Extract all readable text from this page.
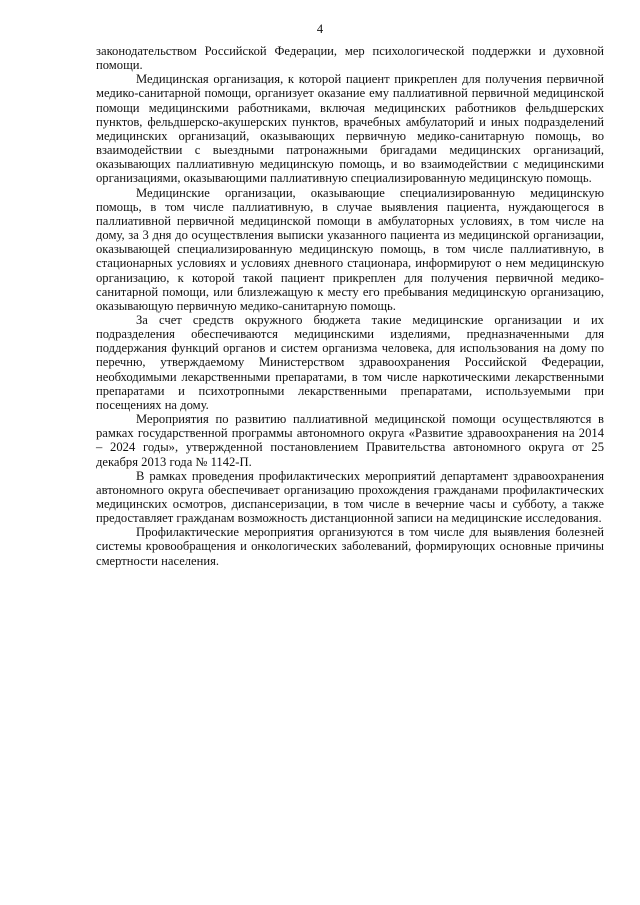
4

законодательством Российской Федерации, мер психологической поддержки и духовной помощи.

Медицинская организация, к которой пациент прикреплен для получения первичной медико-санитарной помощи, организует оказание ему паллиативной первичной медицинской помощи медицинскими работниками, включая медицинских работников фельдшерских пунктов, фельдшерско-акушерских пунктов, врачебных амбулаторий и иных подразделений медицинских организаций, оказывающих первичную медико-санитарную помощь, во взаимодействии с выездными патронажными бригадами медицинских организаций, оказывающих паллиативную медицинскую помощь, и во взаимодействии с медицинскими организациями, оказывающими паллиативную специализированную медицинскую помощь.

Медицинские организации, оказывающие специализированную медицинскую помощь, в том числе паллиативную, в случае выявления пациента, нуждающегося в паллиативной первичной медицинской помощи в амбулаторных условиях, в том числе на дому, за 3 дня до осуществления выписки указанного пациента из медицинской организации, оказывающей специализированную медицинскую помощь, в том числе паллиативную, в стационарных условиях и условиях дневного стационара, информируют о нем медицинскую организацию, к которой такой пациент прикреплен для получения первичной медико-санитарной помощи, или близлежащую к месту его пребывания медицинскую организацию, оказывающую первичную медико-санитарную помощь.

За счет средств окружного бюджета такие медицинские организации и их подразделения обеспечиваются медицинскими изделиями, предназначенными для поддержания функций органов и систем организма человека, для использования на дому по перечню, утверждаемому Министерством здравоохранения Российской Федерации, необходимыми лекарственными препаратами, в том числе наркотическими лекарственными препаратами и психотропными лекарственными препаратами, используемыми при посещениях на дому.

Мероприятия по развитию паллиативной медицинской помощи осуществляются в рамках государственной программы автономного округа «Развитие здравоохранения на 2014 – 2024 годы», утвержденной постановлением Правительства автономного округа от 25 декабря 2013 года № 1142-П.

В рамках проведения профилактических мероприятий департамент здравоохранения автономного округа обеспечивает организацию прохождения гражданами профилактических медицинских осмотров, диспансеризации, в том числе в вечерние часы и субботу, а также предоставляет гражданам возможность дистанционной записи на медицинские исследования.

Профилактические мероприятия организуются в том числе для выявления болезней системы кровообращения и онкологических заболеваний, формирующих основные причины смертности населения.
